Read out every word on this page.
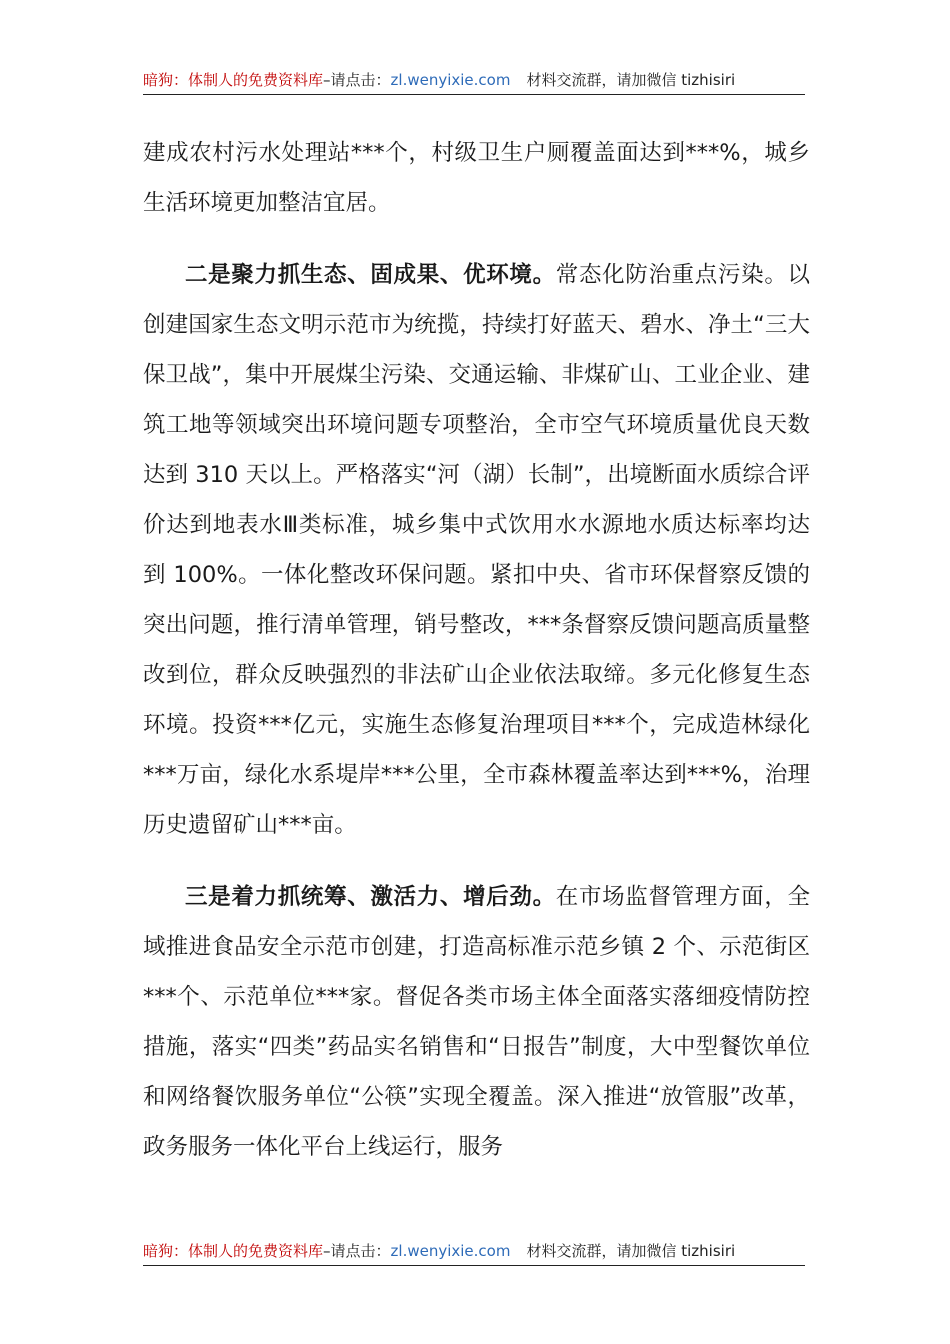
暗狗：体制人的免费资料库–请点击：zl.wenyixie.com 材料交流群，请加微信 tizhisiri

建成农村污水处理站***个，村级卫生户厕覆盖面达到***%，城乡生活环境更加整洁宜居。

二是聚力抓生态、固成果、优环境。常态化防治重点污染。以创建国家生态文明示范市为统揽，持续打好蓝天、碧水、净土“三大保卫战”，集中开展煤尘污染、交通运输、非煤矿山、工业企业、建筑工地等领域突出环境问题专项整治，全市空气环境质量优良天数达到 310 天以上。严格落实“河（湖）长制”，出境断面水质综合评价达到地表水Ⅲ类标准，城乡集中式饮用水水源地水质达标率均达到 100%。一体化整改环保问题。紧扣中央、省市环保督察反馈的突出问题，推行清单管理，销号整改，***条督察反馈问题高质量整改到位，群众反映强烈的非法矿山企业依法取缔。多元化修复生态环境。投资***亿元，实施生态修复治理项目***个，完成造林绿化***万亩，绿化水系堤岸***公里，全市森林覆盖率达到***%，治理历史遗留矿山***亩。

三是着力抓统筹、激活力、增后劲。在市场监督管理方面，全域推进食品安全示范市创建，打造高标准示范乡镇 2 个、示范街区***个、示范单位***家。督促各类市场主体全面落实落细疫情防控措施，落实“四类”药品实名销售和“日报告”制度，大中型餐饮单位和网络餐饮服务单位“公筷”实现全覆盖。深入推进“放管服”改革，政务服务一体化平台上线运行，服务

暗狗：体制人的免费资料库–请点击：zl.wenyixie.com 材料交流群，请加微信 tizhisiri
